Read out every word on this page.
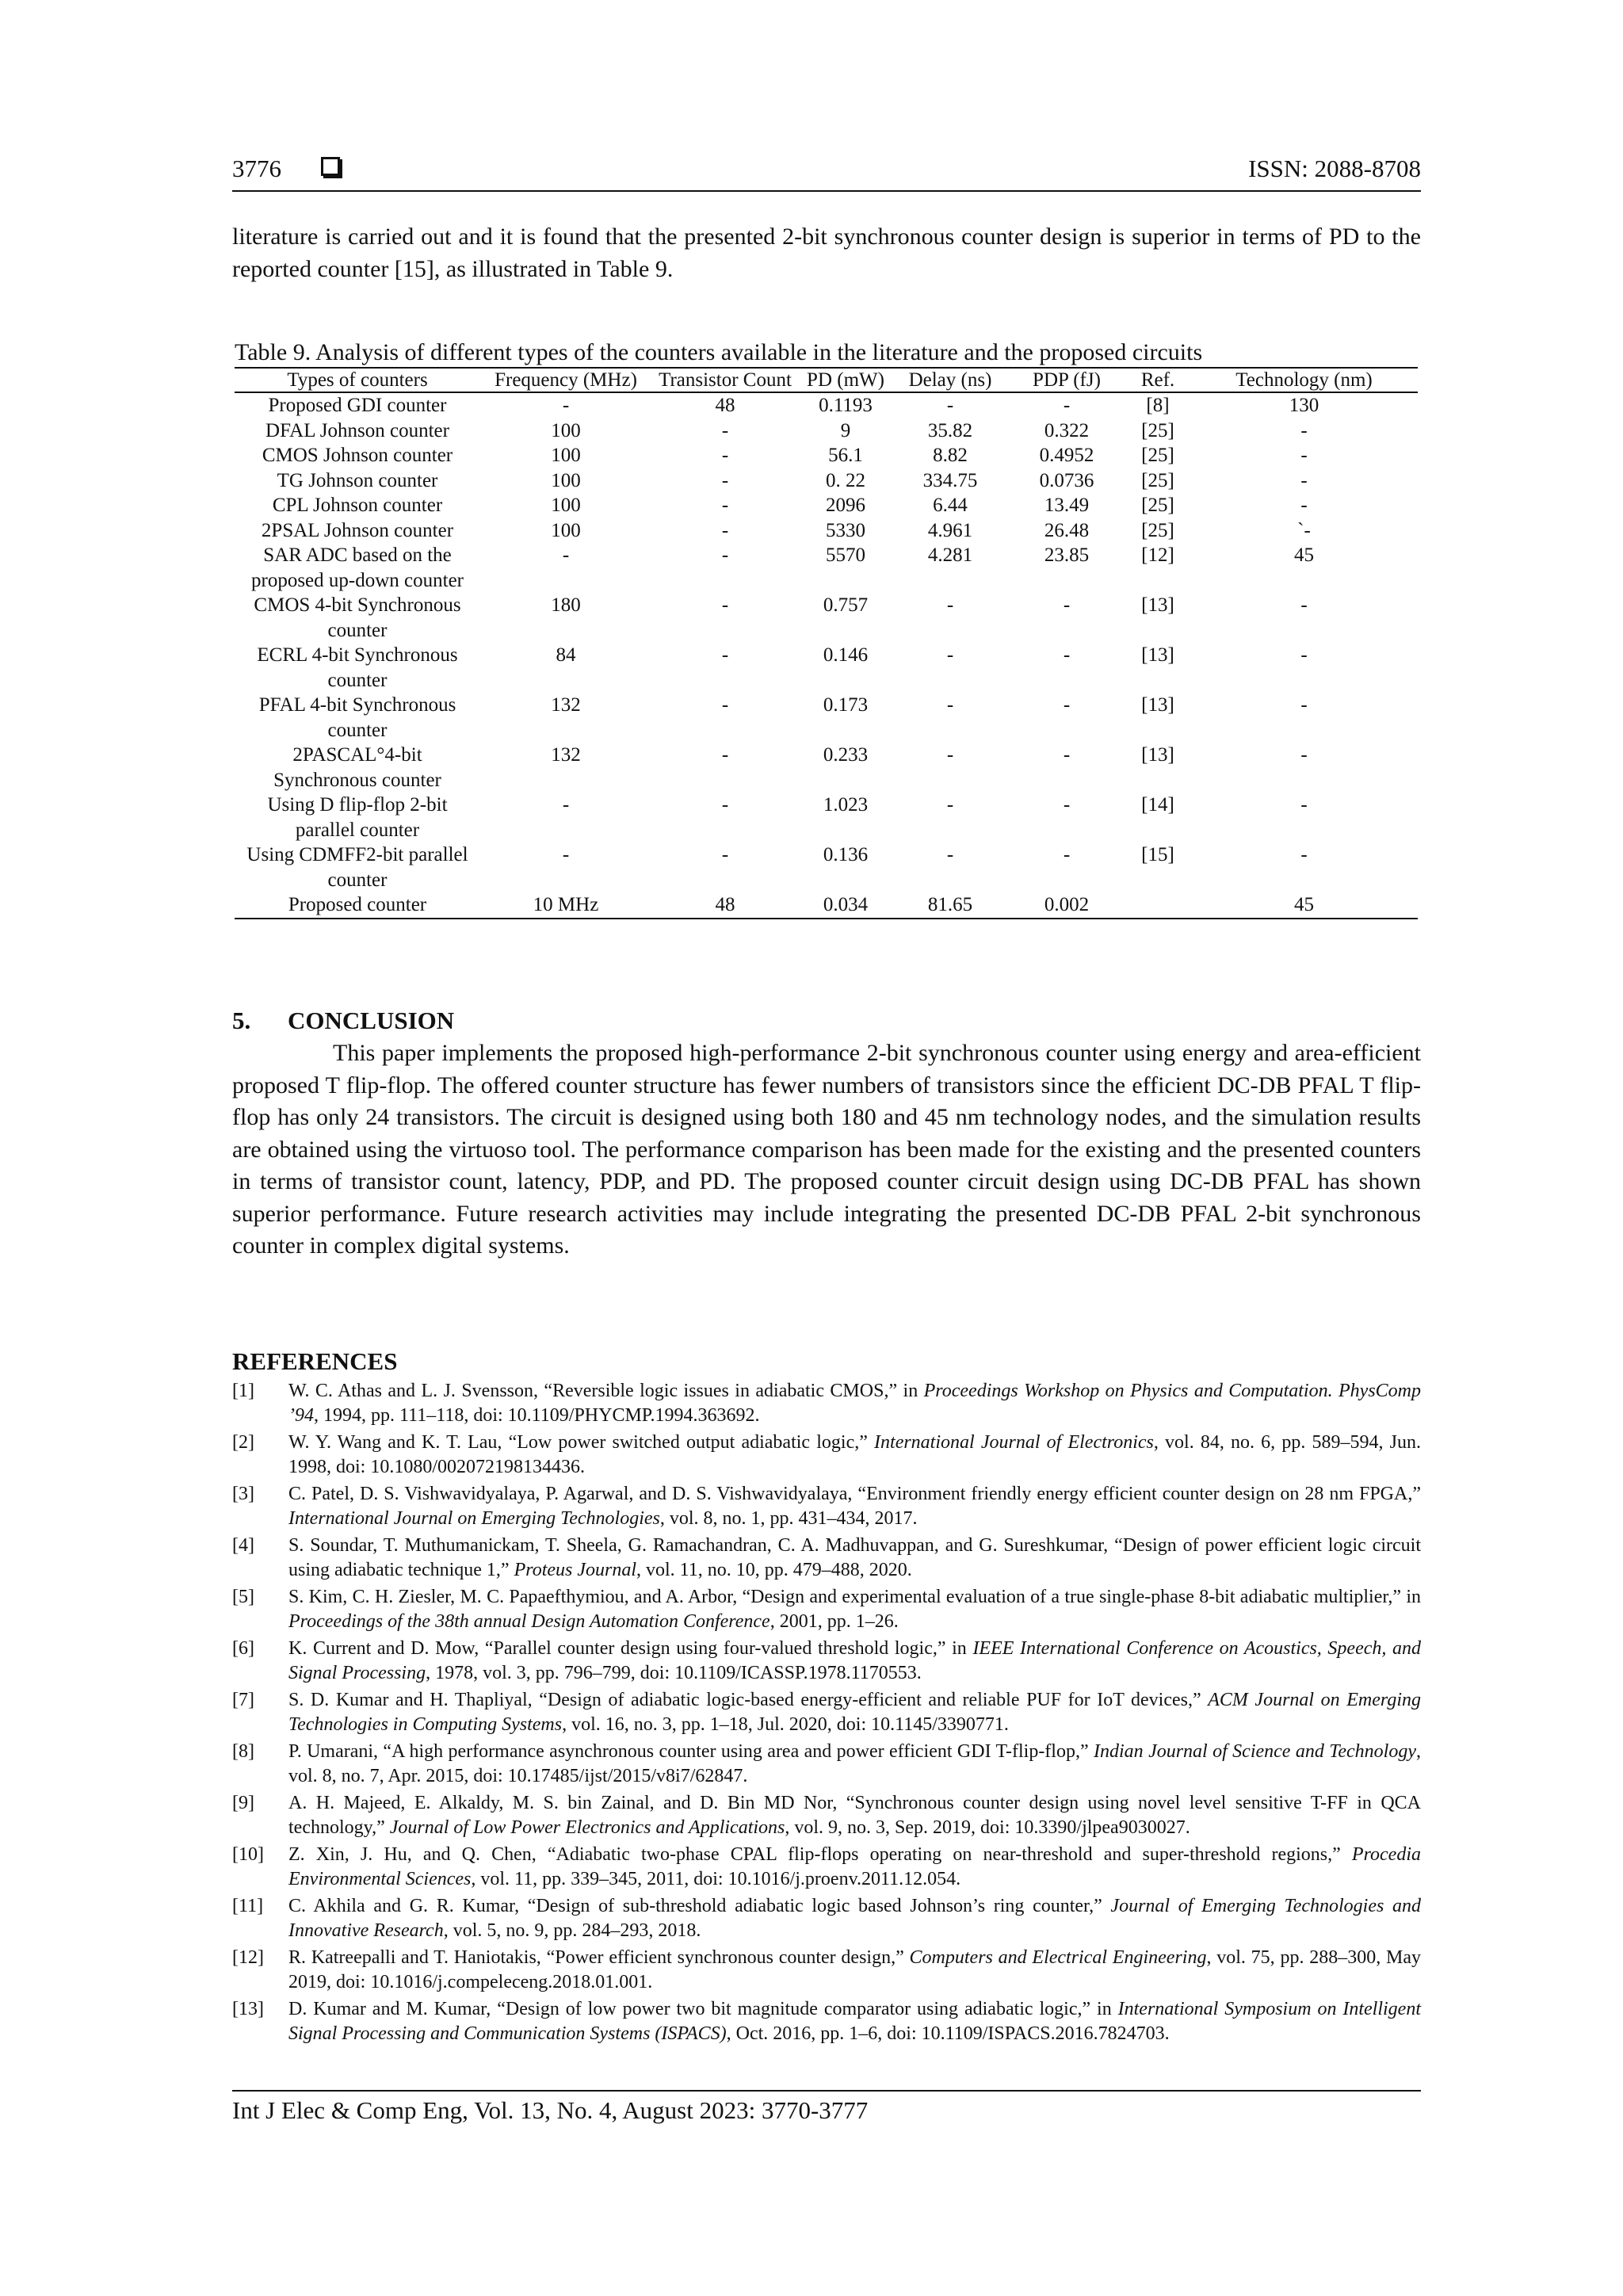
3776	ISSN: 2088-8708

literature is carried out and it is found that the presented 2-bit synchronous counter design is superior in terms of PD to the reported counter [15], as illustrated in Table 9.

Table 9. Analysis of different types of the counters available in the literature and the proposed circuits
Types of counters	Frequency (MHz)	Transistor Count	PD (mW)	Delay (ns)	PDP (fJ)	Ref.	Technology (nm)
Proposed GDI counter	-	48	0.1193	-	-	[8]	130
DFAL Johnson counter	100	-	9	35.82	0.322	[25]	-
CMOS Johnson counter	100	-	56.1	8.82	0.4952	[25]	-
TG Johnson counter	100	-	0. 22	334.75	0.0736	[25]	-
CPL Johnson counter	100	-	2096	6.44	13.49	[25]	-
2PSAL Johnson counter	100	-	5330	4.961	26.48	[25]	`-
SAR ADC based on the proposed up-down counter	-	-	5570	4.281	23.85	[12]	45
CMOS 4-bit Synchronous counter	180	-	0.757	-	-	[13]	-
ECRL 4-bit Synchronous counter	84	-	0.146	-	-	[13]	-
PFAL 4-bit Synchronous counter	132	-	0.173	-	-	[13]	-
2PASCAL°4-bit Synchronous counter	132	-	0.233	-	-	[13]	-
Using D flip-flop 2-bit parallel counter	-	-	1.023	-	-	[14]	-
Using CDMFF2-bit parallel counter	-	-	0.136	-	-	[15]	-
Proposed counter	10 MHz	48	0.034	81.65	0.002		45
5. CONCLUSION

This paper implements the proposed high-performance 2-bit synchronous counter using energy and area-efficient proposed T flip-flop. The offered counter structure has fewer numbers of transistors since the efficient DC-DB PFAL T flip-flop has only 24 transistors. The circuit is designed using both 180 and 45 nm technology nodes, and the simulation results are obtained using the virtuoso tool. The performance comparison has been made for the existing and the presented counters in terms of transistor count, latency, PDP, and PD. The proposed counter circuit design using DC-DB PFAL has shown superior performance. Future research activities may include integrating the presented DC-DB PFAL 2-bit synchronous counter in complex digital systems.

REFERENCES
[1] W. C. Athas and L. J. Svensson, “Reversible logic issues in adiabatic CMOS,” in Proceedings Workshop on Physics and Computation. PhysComp ’94, 1994, pp. 111–118, doi: 10.1109/PHYCMP.1994.363692.
[2] W. Y. Wang and K. T. Lau, “Low power switched output adiabatic logic,” International Journal of Electronics, vol. 84, no. 6, pp. 589–594, Jun. 1998, doi: 10.1080/002072198134436.
[3] C. Patel, D. S. Vishwavidyalaya, P. Agarwal, and D. S. Vishwavidyalaya, “Environment friendly energy efficient counter design on 28 nm FPGA,” International Journal on Emerging Technologies, vol. 8, no. 1, pp. 431–434, 2017.
[4] S. Soundar, T. Muthumanickam, T. Sheela, G. Ramachandran, C. A. Madhuvappan, and G. Sureshkumar, “Design of power efficient logic circuit using adiabatic technique 1,” Proteus Journal, vol. 11, no. 10, pp. 479–488, 2020.
[5] S. Kim, C. H. Ziesler, M. C. Papaefthymiou, and A. Arbor, “Design and experimental evaluation of a true single-phase 8-bit adiabatic multiplier,” in Proceedings of the 38th annual Design Automation Conference, 2001, pp. 1–26.
[6] K. Current and D. Mow, “Parallel counter design using four-valued threshold logic,” in IEEE International Conference on Acoustics, Speech, and Signal Processing, 1978, vol. 3, pp. 796–799, doi: 10.1109/ICASSP.1978.1170553.
[7] S. D. Kumar and H. Thapliyal, “Design of adiabatic logic-based energy-efficient and reliable PUF for IoT devices,” ACM Journal on Emerging Technologies in Computing Systems, vol. 16, no. 3, pp. 1–18, Jul. 2020, doi: 10.1145/3390771.
[8] P. Umarani, “A high performance asynchronous counter using area and power efficient GDI T-flip-flop,” Indian Journal of Science and Technology, vol. 8, no. 7, Apr. 2015, doi: 10.17485/ijst/2015/v8i7/62847.
[9] A. H. Majeed, E. Alkaldy, M. S. bin Zainal, and D. Bin MD Nor, “Synchronous counter design using novel level sensitive T-FF in QCA technology,” Journal of Low Power Electronics and Applications, vol. 9, no. 3, Sep. 2019, doi: 10.3390/jlpea9030027.
[10] Z. Xin, J. Hu, and Q. Chen, “Adiabatic two-phase CPAL flip-flops operating on near-threshold and super-threshold regions,” Procedia Environmental Sciences, vol. 11, pp. 339–345, 2011, doi: 10.1016/j.proenv.2011.12.054.
[11] C. Akhila and G. R. Kumar, “Design of sub-threshold adiabatic logic based Johnson’s ring counter,” Journal of Emerging Technologies and Innovative Research, vol. 5, no. 9, pp. 284–293, 2018.
[12] R. Katreepalli and T. Haniotakis, “Power efficient synchronous counter design,” Computers and Electrical Engineering, vol. 75, pp. 288–300, May 2019, doi: 10.1016/j.compeleceng.2018.01.001.
[13] D. Kumar and M. Kumar, “Design of low power two bit magnitude comparator using adiabatic logic,” in International Symposium on Intelligent Signal Processing and Communication Systems (ISPACS), Oct. 2016, pp. 1–6, doi: 10.1109/ISPACS.2016.7824703.
Int J Elec & Comp Eng, Vol. 13, No. 4, August 2023: 3770-3777
